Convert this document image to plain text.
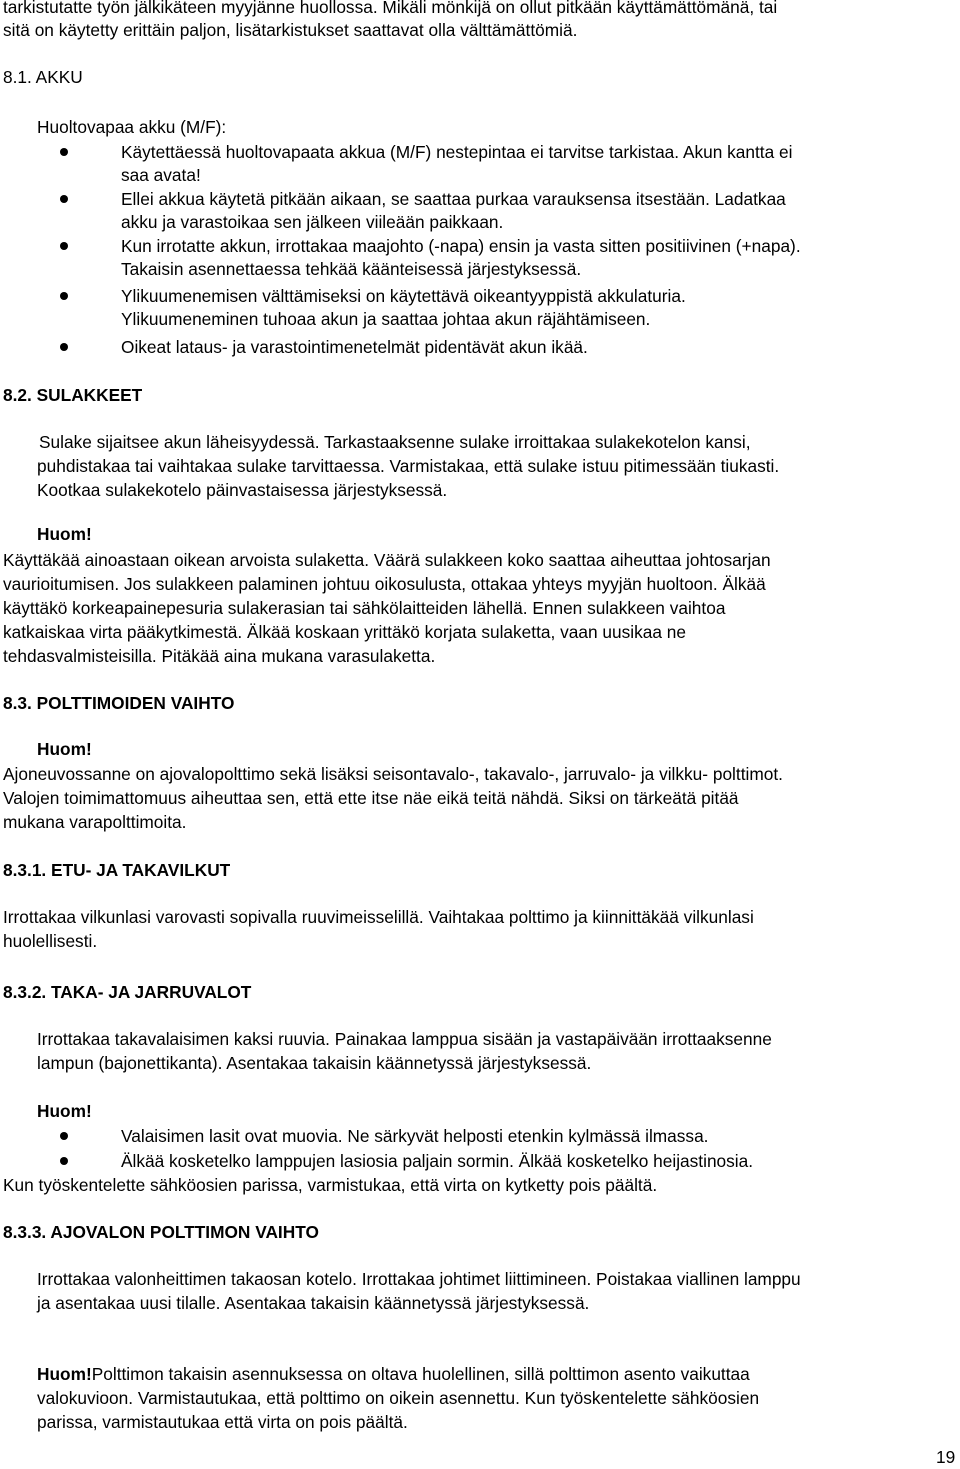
tarkistutatte työn jälkikäteen myyjänne huollossa. Mikäli mönkijä on ollut pitkään käyttämättömänä, tai
sitä on käytetty erittäin paljon, lisätarkistukset saattavat olla välttämättömiä.
8.1. AKKU
Huoltovapaa akku (M/F):
Käytettäessä huoltovapaata akkua (M/F) nestepintaa ei tarvitse tarkistaa. Akun kantta ei
saa avata!
Ellei akkua käytetä pitkään aikaan, se saattaa purkaa varauksensa itsestään. Ladatkaa
akku ja varastoikaa sen jälkeen viileään paikkaan.
Kun irrotatte akkun, irrottakaa maajohto (-napa) ensin ja vasta sitten positiivinen (+napa).
Takaisin asennettaessa tehkää käänteisessä järjestyksessä.
Ylikuumenemisen välttämiseksi on käytettävä oikeantyyppistä akkulaturia.
Ylikuumeneminen tuhoaa akun ja saattaa johtaa akun räjähtämiseen.
Oikeat lataus- ja varastointimenetelmät pidentävät akun ikää.
8.2. SULAKKEET
Sulake sijaitsee akun läheisyydessä. Tarkastaaksenne sulake irroittakaa sulakekotelon kansi,
puhdistakaa tai vaihtakaa sulake tarvittaessa. Varmistakaa, että sulake istuu pitimessään tiukasti.
Kootkaa sulakekotelo päinvastaisessa järjestyksessä.
Huom!
Käyttäkää ainoastaan oikean arvoista sulaketta. Väärä sulakkeen koko saattaa aiheuttaa johtosarjan
vaurioitumisen. Jos sulakkeen palaminen johtuu oikosulusta, ottakaa yhteys myyjän huoltoon. Älkää
käyttäkö korkeapainepesuria sulakerasian tai sähkölaitteiden lähellä. Ennen sulakkeen vaihtoa
katkaiskaa virta pääkytkimestä. Älkää koskaan yrittäkö korjata sulaketta, vaan uusikaa ne
tehdasvalmisteisilla. Pitäkää aina mukana varasulaketta.
8.3. POLTTIMOIDEN VAIHTO
Huom!
Ajoneuvossanne on ajovalopolttimo sekä lisäksi seisontavalo-, takavalo-, jarruvalo- ja vilkku- polttimot.
Valojen toimimattomuus aiheuttaa sen, että ette itse näe eikä teitä nähdä. Siksi on tärkeätä pitää
mukana varapolttimoita.
8.3.1. ETU- JA TAKAVILKUT
Irrottakaa vilkunlasi varovasti sopivalla ruuvimeisselillä. Vaihtakaa polttimo ja kiinnittäkää vilkunlasi
huolellisesti.
8.3.2. TAKA- JA JARRUVALOT
Irrottakaa takavalaisimen kaksi ruuvia. Painakaa lamppua sisään ja vastapäivään irrottaaksenne
lampun (bajonettikanta). Asentakaa takaisin käännetyssä järjestyksessä.
Huom!
Valaisimen lasit ovat muovia. Ne särkyvät helposti etenkin kylmässä ilmassa.
Älkää kosketelko lamppujen lasiosia paljain sormin. Älkää kosketelko heijastinosia.
Kun työskentelette sähköosien parissa, varmistukaa, että virta on kytketty pois päältä.
8.3.3. AJOVALON POLTTIMON VAIHTO
Irrottakaa valonheittimen takaosan kotelo. Irrottakaa johtimet liittimineen. Poistakaa viallinen lamppu
ja asentakaa uusi tilalle. Asentakaa takaisin käännetyssä järjestyksessä.
Huom!Polttimon takaisin asennuksessa on oltava huolellinen, sillä polttimon asento vaikuttaa
valokuvioon. Varmistautukaa, että polttimo on oikein asennettu. Kun työskentelette sähköosien
parissa, varmistautukaa että virta on pois päältä.
19
